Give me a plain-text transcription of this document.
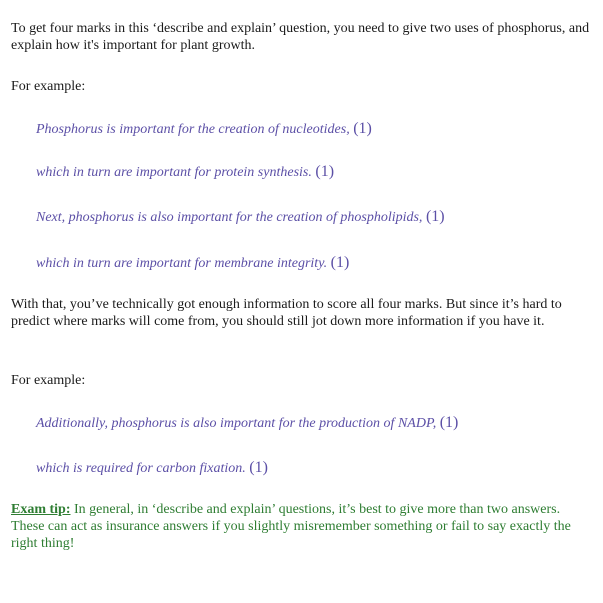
To get four marks in this ‘describe and explain’ question, you need to give two uses of phosphorus, and explain how it's important for plant growth.

For example:

Phosphorus is important for the creation of nucleotides, (1)

which in turn are important for protein synthesis. (1)

Next, phosphorus is also important for the creation of phospholipids, (1)

which in turn are important for membrane integrity. (1)

With that, you’ve technically got enough information to score all four marks. But since it’s hard to predict where marks will come from, you should still jot down more information if you have it.

For example:

Additionally, phosphorus is also important for the production of NADP, (1)

which is required for carbon fixation. (1)

Exam tip: In general, in ‘describe and explain’ questions, it’s best to give more than two answers. These can act as insurance answers if you slightly misremember something or fail to say exactly the right thing!
